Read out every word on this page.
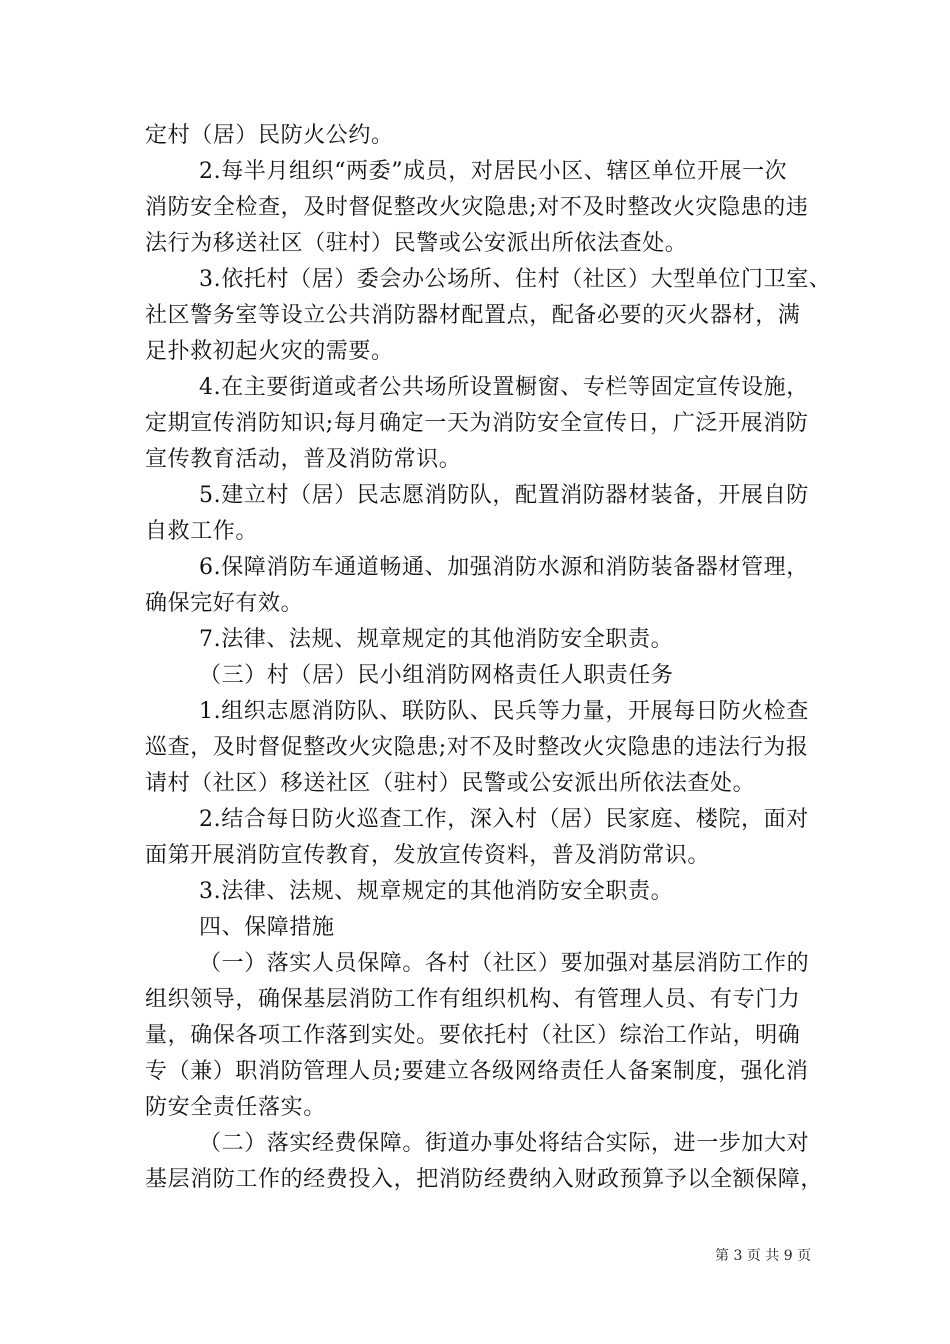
定村（居）民防火公约。
2.每半月组织“两委”成员，对居民小区、辖区单位开展一次
消防安全检查，及时督促整改火灾隐患;对不及时整改火灾隐患的违
法行为移送社区（驻村）民警或公安派出所依法查处。
3.依托村（居）委会办公场所、住村（社区）大型单位门卫室、
社区警务室等设立公共消防器材配置点，配备必要的灭火器材，满
足扑救初起火灾的需要。
4.在主要街道或者公共场所设置橱窗、专栏等固定宣传设施，
定期宣传消防知识;每月确定一天为消防安全宣传日，广泛开展消防
宣传教育活动，普及消防常识。
5.建立村（居）民志愿消防队，配置消防器材装备，开展自防
自救工作。
6.保障消防车通道畅通、加强消防水源和消防装备器材管理，
确保完好有效。
7.法律、法规、规章规定的其他消防安全职责。
（三）村（居）民小组消防网格责任人职责任务
1.组织志愿消防队、联防队、民兵等力量，开展每日防火检查
巡查，及时督促整改火灾隐患;对不及时整改火灾隐患的违法行为报
请村（社区）移送社区（驻村）民警或公安派出所依法查处。
2.结合每日防火巡查工作，深入村（居）民家庭、楼院，面对
面第开展消防宣传教育，发放宣传资料，普及消防常识。
3.法律、法规、规章规定的其他消防安全职责。
四、保障措施
（一）落实人员保障。各村（社区）要加强对基层消防工作的
组织领导，确保基层消防工作有组织机构、有管理人员、有专门力
量，确保各项工作落到实处。要依托村（社区）综治工作站，明确
专（兼）职消防管理人员;要建立各级网络责任人备案制度，强化消
防安全责任落实。
（二）落实经费保障。街道办事处将结合实际，进一步加大对
基层消防工作的经费投入，把消防经费纳入财政预算予以全额保障，
第 3 页 共 9 页
